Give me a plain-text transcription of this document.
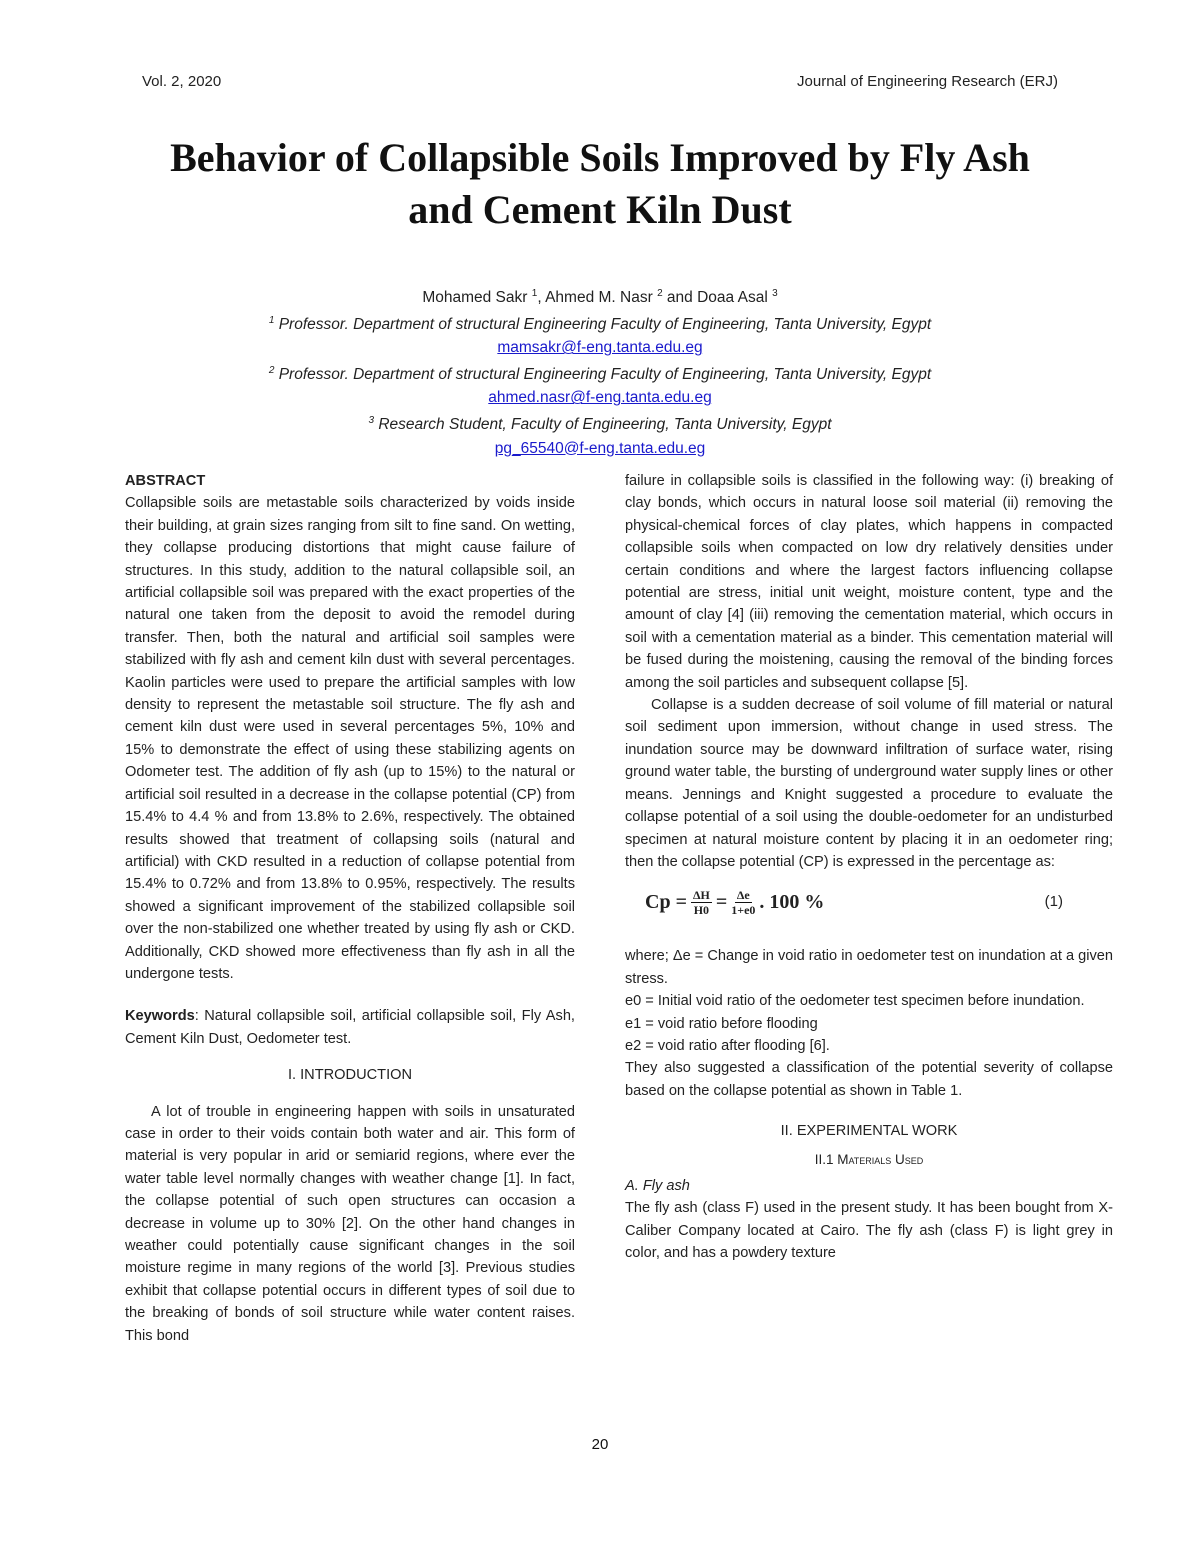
Vol. 2, 2020	Journal of Engineering Research (ERJ)
Behavior of Collapsible Soils Improved by Fly Ash
and Cement Kiln Dust
Mohamed Sakr $^1$, Ahmed M. Nasr $^2$ and Doaa Asal $^3$
$^1$ Professor. Department of structural Engineering Faculty of Engineering, Tanta University, Egypt
mamsakr@f-eng.tanta.edu.eg
$^2$ Professor. Department of structural Engineering Faculty of Engineering, Tanta University, Egypt
ahmed.nasr@f-eng.tanta.edu.eg
$^3$ Research Student, Faculty of Engineering, Tanta University, Egypt
pg_65540@f-eng.tanta.edu.eg
ABSTRACT

Collapsible soils are metastable soils characterized by voids inside their building, at grain sizes ranging from silt to fine sand. On wetting, they collapse producing distortions that might cause failure of structures. In this study, addition to the natural collapsible soil, an artificial collapsible soil was prepared with the exact properties of the natural one taken from the deposit to avoid the remodel during transfer. Then, both the natural and artificial soil samples were stabilized with fly ash and cement kiln dust with several percentages. Kaolin particles were used to prepare the artificial samples with low density to represent the metastable soil structure. The fly ash and cement kiln dust were used in several percentages 5%, 10% and 15% to demonstrate the effect of using these stabilizing agents on Odometer test. The addition of fly ash (up to 15%) to the natural or artificial soil resulted in a decrease in the collapse potential (CP) from 15.4% to 4.4 % and from 13.8% to 2.6%, respectively. The obtained results showed that treatment of collapsing soils (natural and artificial) with CKD resulted in a reduction of collapse potential from 15.4% to 0.72% and from 13.8% to 0.95%, respectively. The results showed a significant improvement of the stabilized collapsible soil over the non-stabilized one whether treated by using fly ash or CKD. Additionally, CKD showed more effectiveness than fly ash in all the undergone tests.

Keywords: Natural collapsible soil, artificial collapsible soil, Fly Ash, Cement Kiln Dust, Oedometer test.

I. INTRODUCTION

A lot of trouble in engineering happen with soils in unsaturated case in order to their voids contain both water and air. This form of material is very popular in arid or semiarid regions, where ever the water table level normally changes with weather change [1]. In fact, the collapse potential of such open structures can occasion a decrease in volume up to 30% [2]. On the other hand changes in weather could potentially cause significant changes in the soil moisture regime in many regions of the world [3]. Previous studies exhibit that collapse potential occurs in different types of soil due to the breaking of bonds of soil structure while water content raises. This bond

failure in collapsible soils is classified in the following way: (i) breaking of clay bonds, which occurs in natural loose soil material (ii) removing the physical-chemical forces of clay plates, which happens in compacted collapsible soils when compacted on low dry relatively densities under certain conditions and where the largest factors influencing collapse potential are stress, initial unit weight, moisture content, type and the amount of clay [4] (iii) removing the cementation material, which occurs in soil with a cementation material as a binder. This cementation material will be fused during the moistening, causing the removal of the binding forces among the soil particles and subsequent collapse [5].

Collapse is a sudden decrease of soil volume of fill material or natural soil sediment upon immersion, without change in used stress. The inundation source may be downward infiltration of surface water, rising ground water table, the bursting of underground water supply lines or other means. Jennings and Knight suggested a procedure to evaluate the collapse potential of a soil using the double-oedometer for an undisturbed specimen at natural moisture content by placing it in an oedometer ring; then the collapse potential (CP) is expressed in the percentage as:

$Cp = \frac{\Delta H}{H0} = \frac{\Delta e}{1+e0}$ . 100 %	(1)

where; Δe = Change in void ratio in oedometer test on inundation at a given stress.

e0 = Initial void ratio of the oedometer test specimen before inundation.

e1 = void ratio before flooding

e2 = void ratio after flooding [6].

They also suggested a classification of the potential severity of collapse based on the collapse potential as shown in Table 1.

II. EXPERIMENTAL WORK
II.1 Materials Used
A. Fly ash

The fly ash (class F) used in the present study. It has been bought from X- Caliber Company located at Cairo. The fly ash (class F) is light grey in color, and has a powdery texture

20
